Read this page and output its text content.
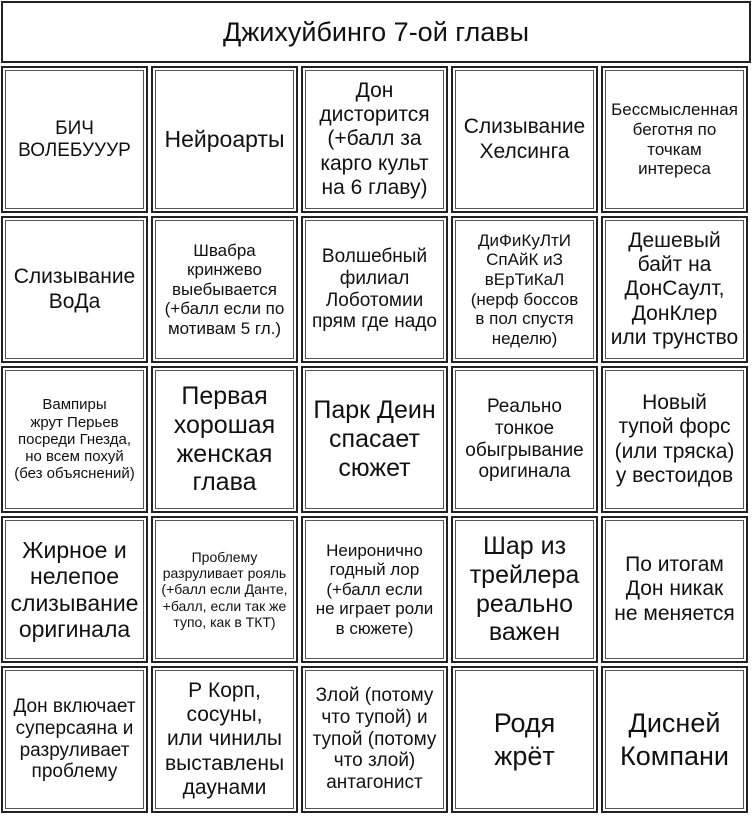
Джихуйбинго 7-ой главы
БИЧ
ВОЛЕБУУУР	Нейроарты
Дон
дисторится
(+балл за
карго культ
на 6 главу)
Слизывание
Хелсинга
Бессмысленная
беготня по
точкам
интереса
Слизывание
ВоДа
Швабра
кринжево
выебывается
(+балл если по
мотивам 5 гл.)
Волшебный
филиал
Лоботомии
прям где надо
ДиФиКуЛтИ
СпАйК иЗ
вЕрТиКаЛ
(нерф боссов
в пол спустя
неделю)
Дешевый
байт на
ДонСаулт,
ДонКлер
или трунство
Вампиры
жрут Перьев
посреди Гнезда,
но всем похуй
(без объяснений)
Первая
хорошая
женская
глава
Парк Деин
спасает
сюжет
Реально
тонкое
обыгрывание
оригинала
Новый
тупой форс
(или тряска)
у вестоидов
Жирное и
нелепое
слизывание
оригинала
Проблему
разруливает рояль
(+балл если Данте,
+балл, если так же
тупо, как в ТКТ)
Неиронично
годный лор
(+балл если
не играет роли
в сюжете)
Шар из
трейлера
реально
важен
По итогам
Дон никак
не меняется
Дон включает
суперсаяна и
разруливает
проблему
Р Корп,
сосуны,
или чинилы
выставлены
даунами
Злой (потому
что тупой) и
тупой (потому
что злой)
антагонист
Родя
жрёт
Дисней
Компани
